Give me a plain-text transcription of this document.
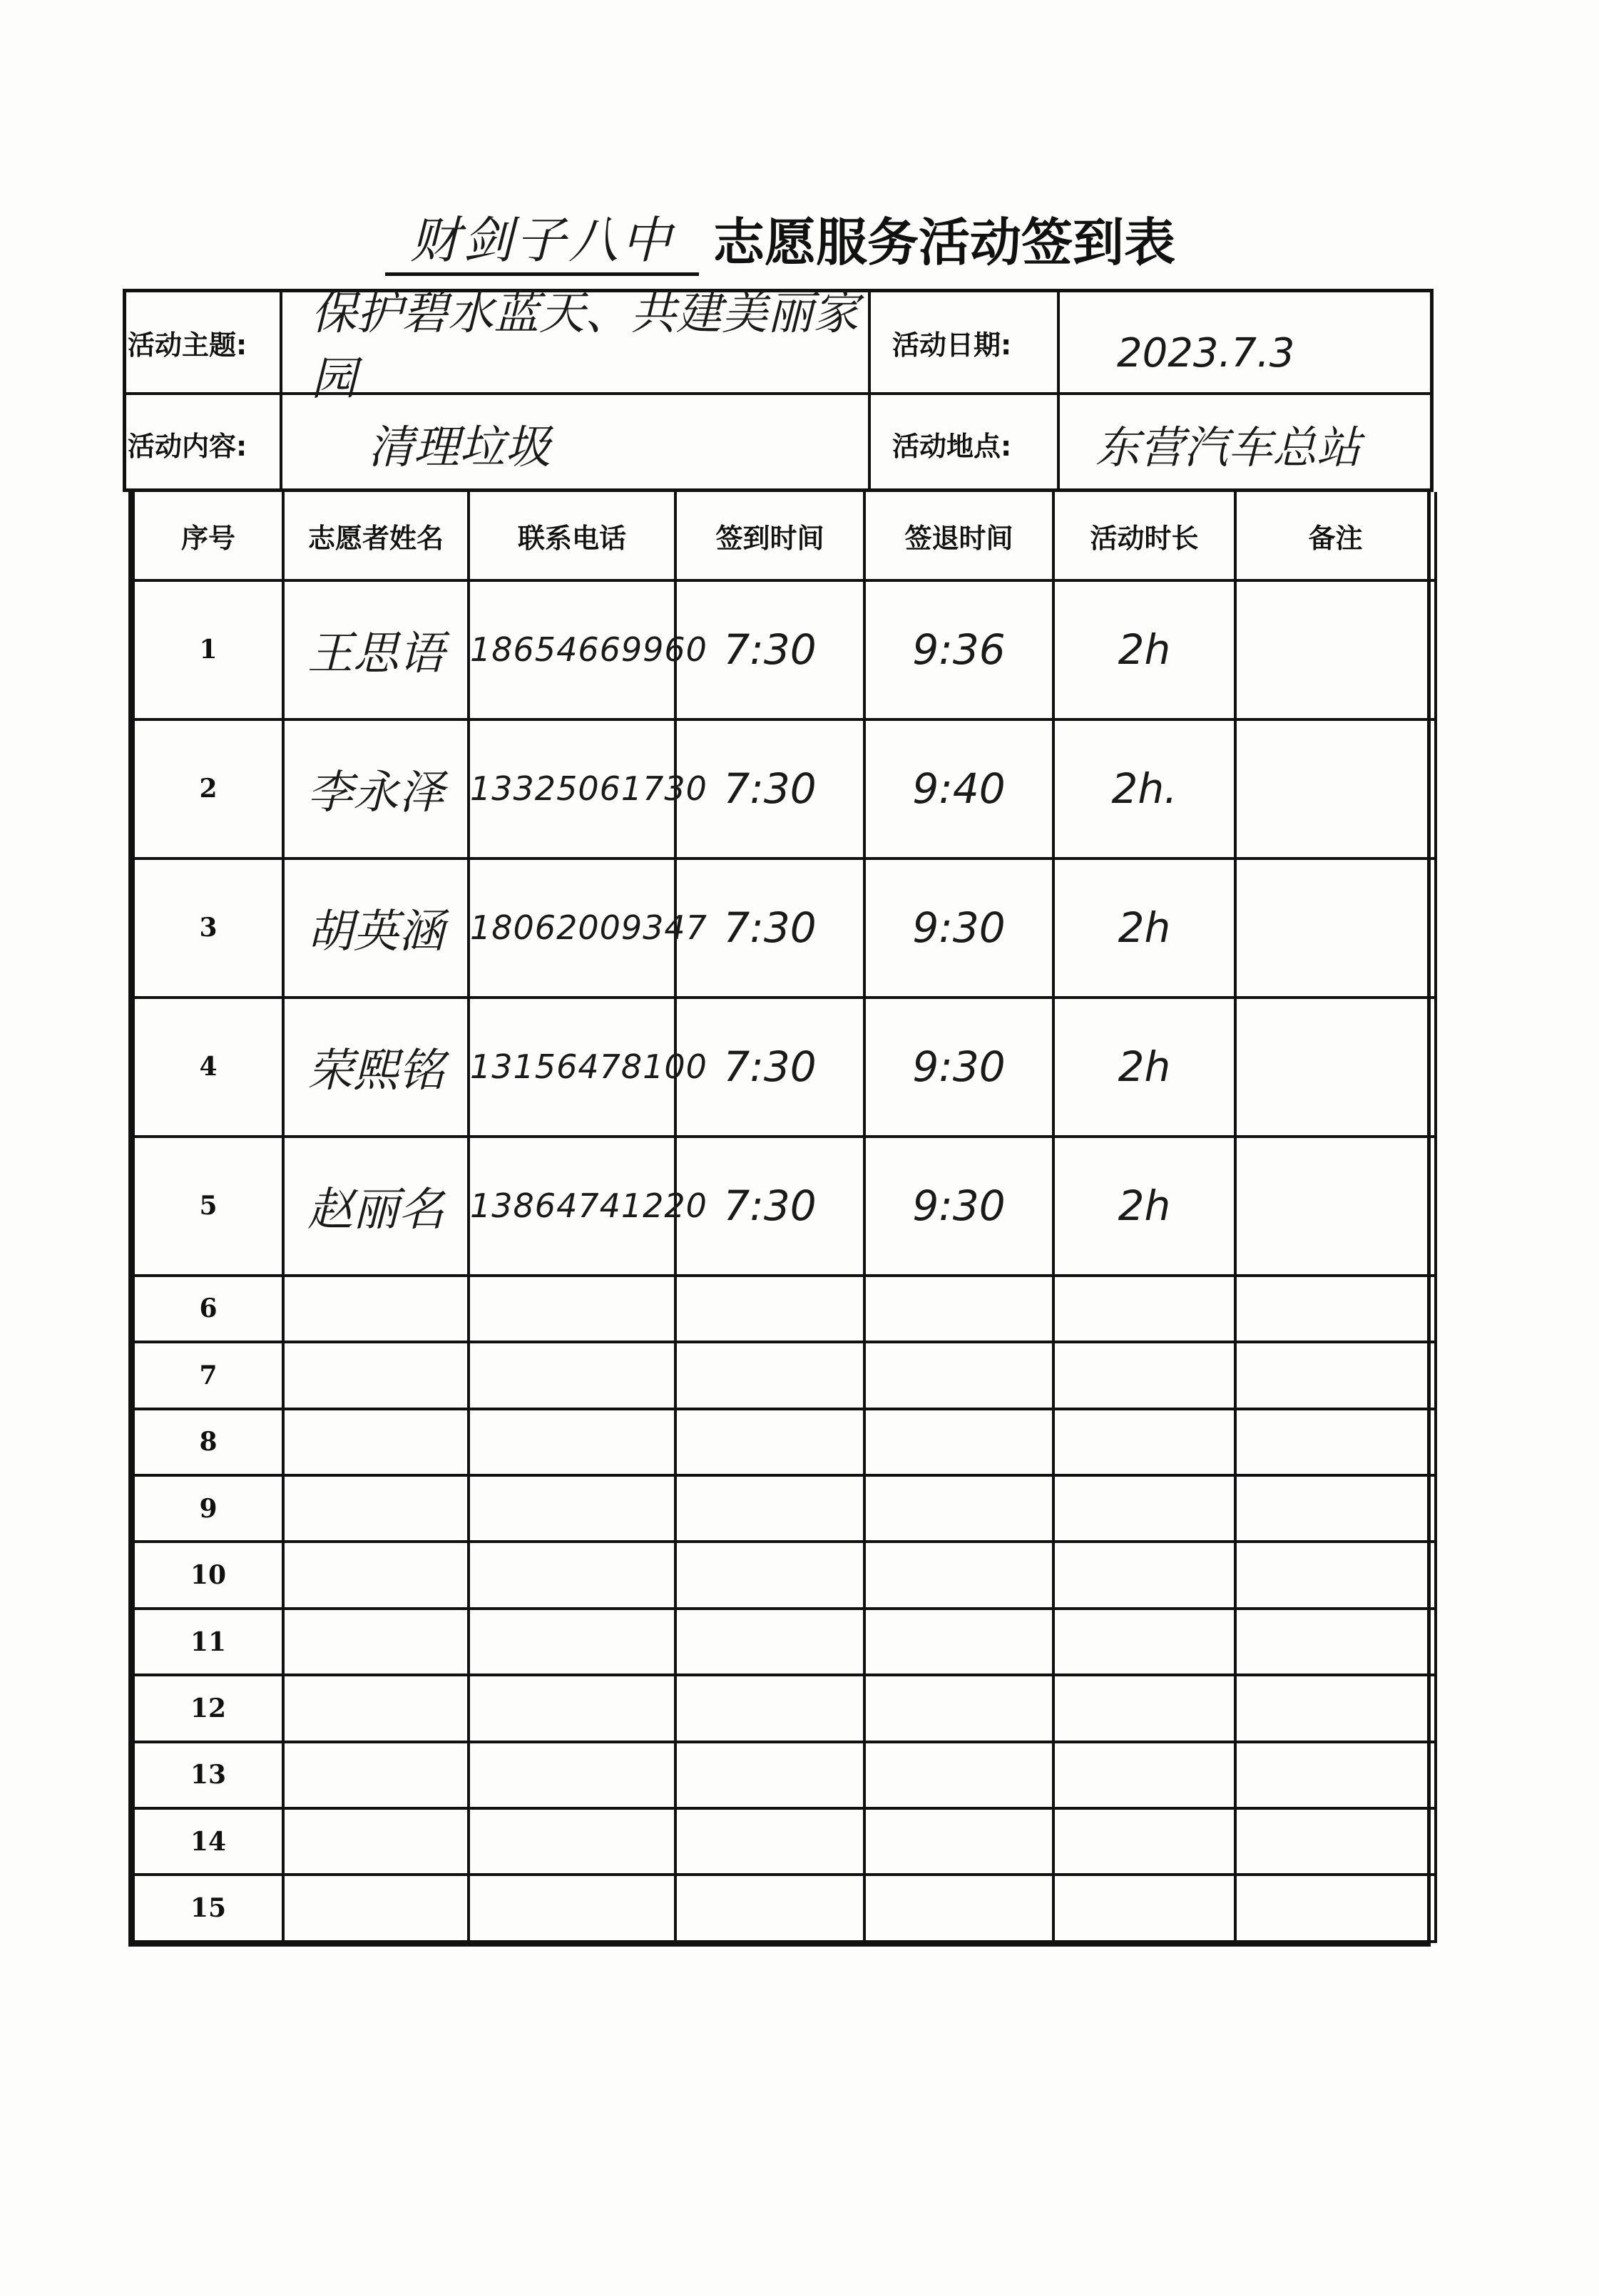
财剑子八中 志愿服务活动签到表
活动主题:
保护碧水蓝天、共建美丽家园
活动日期:	2023.7.3
活动内容:	清理垃圾	活动地点: 东营汽车总站
序号	志愿者姓名	联系电话	签到时间	签退时间	活动时长	备注
1	王思语	18654669960	7:30	9:36	2h	
2	李永泽	13325061730	7:30	9:40	2h.	
3	胡英涵	18062009347	7:30	9:30	2h	
4	荣熙铭	13156478100	7:30	9:30	2h	
5	赵丽名	13864741220	7:30	9:30	2h	
6						
7						
8						
9						
10						
11						
12						
13						
14						
15						
